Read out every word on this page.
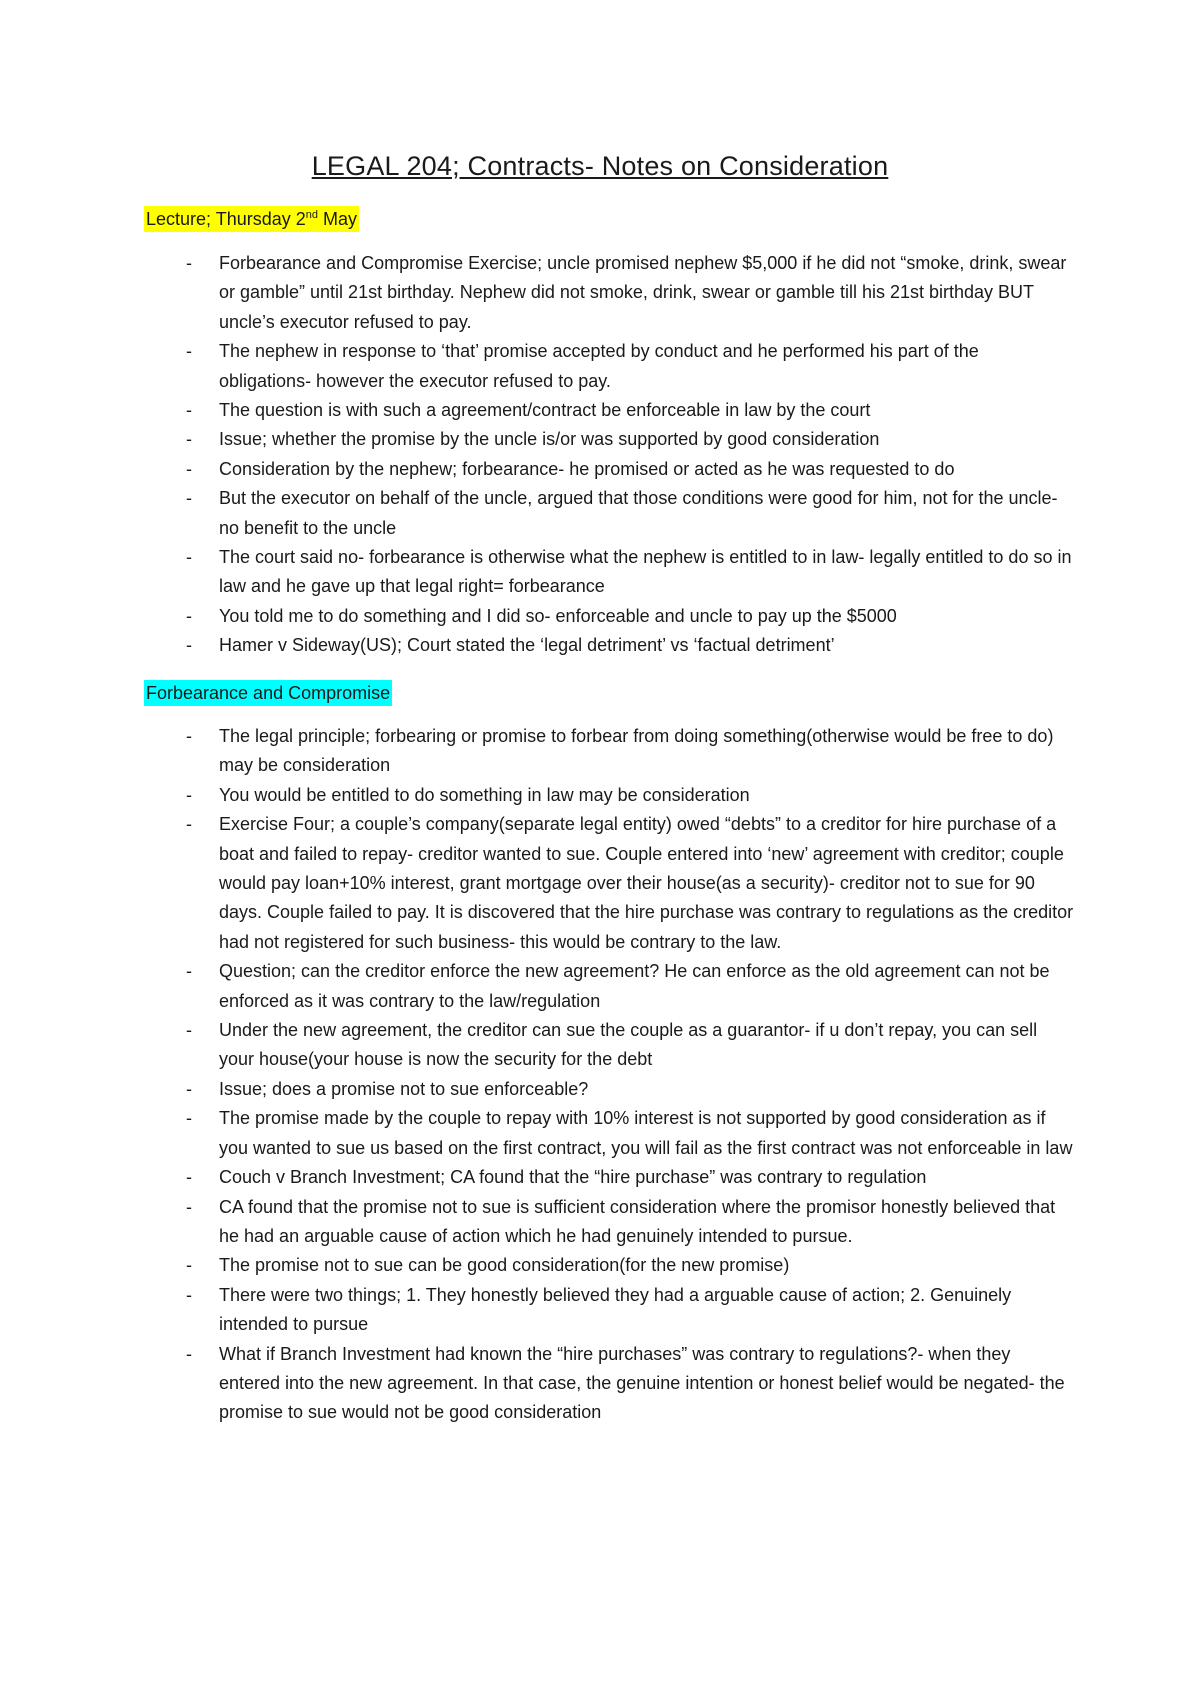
LEGAL 204; Contracts- Notes on Consideration
Lecture; Thursday 2nd May
- Forbearance and Compromise Exercise; uncle promised nephew $5,000 if he did not “smoke, drink, swear or gamble” until 21st birthday. Nephew did not smoke, drink, swear or gamble till his 21st birthday BUT uncle’s executor refused to pay.
- The nephew in response to ‘that’ promise accepted by conduct and he performed his part of the obligations- however the executor refused to pay.
- The question is with such a agreement/contract be enforceable in law by the court
- Issue; whether the promise by the uncle is/or was supported by good consideration
- Consideration by the nephew; forbearance- he promised or acted as he was requested to do
- But the executor on behalf of the uncle, argued that those conditions were good for him, not for the uncle- no benefit to the uncle
- The court said no- forbearance is otherwise what the nephew is entitled to in law- legally entitled to do so in law and he gave up that legal right= forbearance
- You told me to do something and I did so- enforceable and uncle to pay up the $5000
- Hamer v Sideway(US); Court stated the ‘legal detriment’ vs ‘factual detriment’
Forbearance and Compromise
- The legal principle; forbearing or promise to forbear from doing something(otherwise would be free to do) may be consideration
- You would be entitled to do something in law may be consideration
- Exercise Four; a couple’s company(separate legal entity) owed “debts” to a creditor for hire purchase of a boat and failed to repay- creditor wanted to sue. Couple entered into ‘new’ agreement with creditor; couple would pay loan+10% interest, grant mortgage over their house(as a security)- creditor not to sue for 90 days. Couple failed to pay. It is discovered that the hire purchase was contrary to regulations as the creditor had not registered for such business- this would be contrary to the law.
- Question; can the creditor enforce the new agreement? He can enforce as the old agreement can not be enforced as it was contrary to the law/regulation
- Under the new agreement, the creditor can sue the couple as a guarantor- if u don’t repay, you can sell your house(your house is now the security for the debt
- Issue; does a promise not to sue enforceable?
- The promise made by the couple to repay with 10% interest is not supported by good consideration as if you wanted to sue us based on the first contract, you will fail as the first contract was not enforceable in law
- Couch v Branch Investment; CA found that the “hire purchase” was contrary to regulation
- CA found that the promise not to sue is sufficient consideration where the promisor honestly believed that he had an arguable cause of action which he had genuinely intended to pursue.
- The promise not to sue can be good consideration(for the new promise)
- There were two things; 1. They honestly believed they had a arguable cause of action; 2. Genuinely intended to pursue
- What if Branch Investment had known the “hire purchases” was contrary to regulations?- when they entered into the new agreement. In that case, the genuine intention or honest belief would be negated- the promise to sue would not be good consideration
